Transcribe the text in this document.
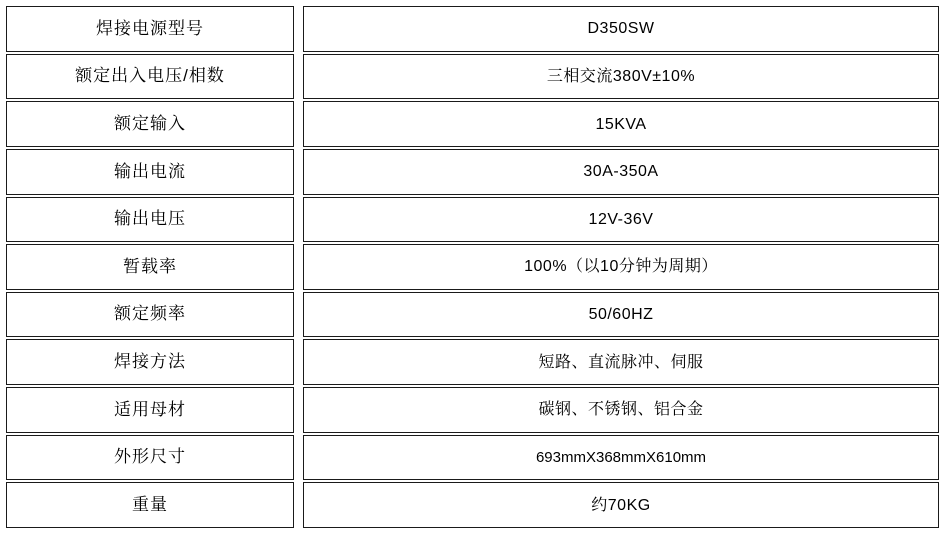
焊接电源型号	D350SW
额定出入电压/相数	三相交流380V±10%
额定输入	15KVA
输出电流	30A-350A
输出电压	12V-36V
暂载率	100%（以10分钟为周期）
额定频率	50/60HZ
焊接方法	短路、直流脉冲、伺服
适用母材	碳钢、不锈钢、铝合金
外形尺寸	693mmX368mmX610mm
重量	约70KG
